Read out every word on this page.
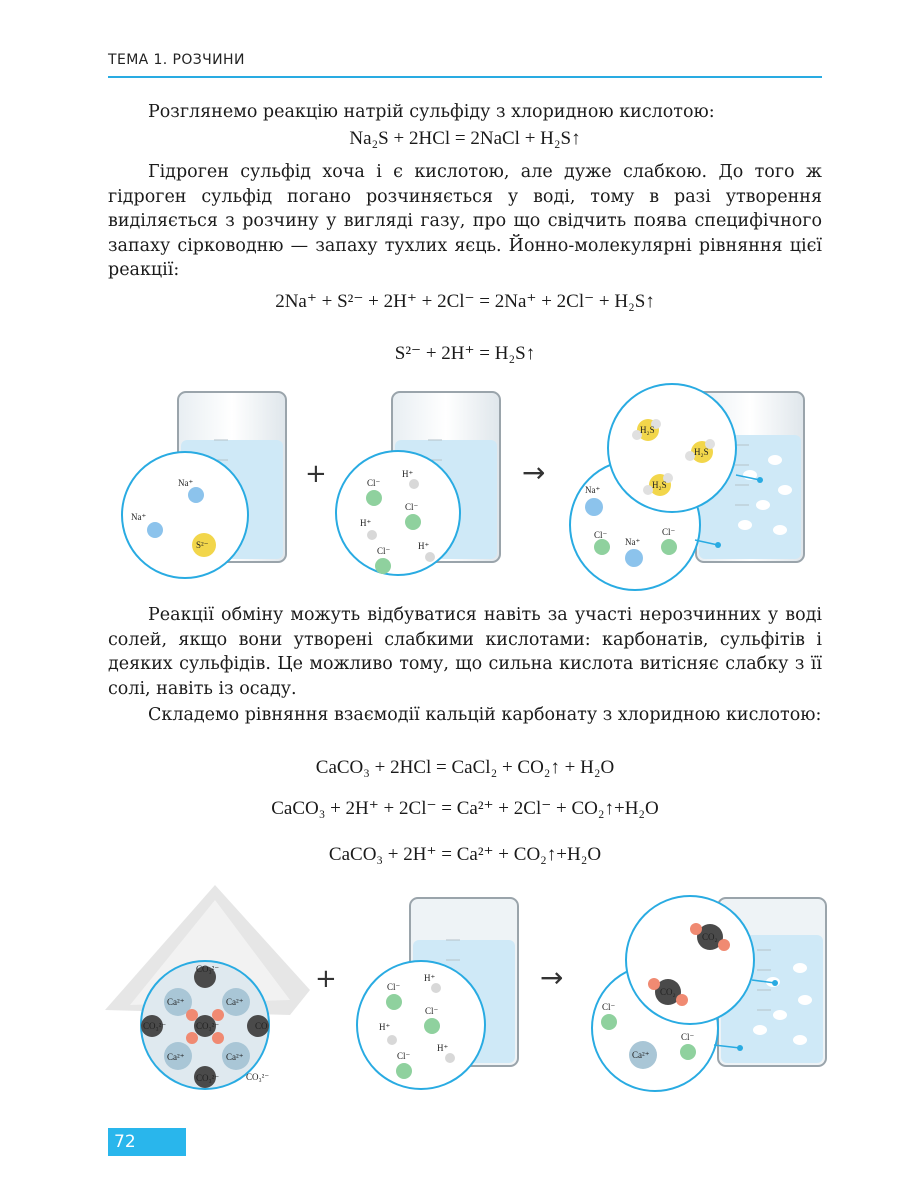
ТЕМА 1. РОЗЧИНИ

Розглянемо реакцію натрій сульфіду з хлоридною кислотою:

Na₂S + 2HCl = 2NaCl + H₂S↑

Гідроген сульфід хоча і є кислотою, але дуже слабкою. До того ж гідроген сульфід погано розчиняється у воді, тому в разі утворення виділяється з розчину у вигляді газу, про що свідчить поява специфічного запаху сірководню — запаху тухлих яєць. Йонно-молекулярні рівняння цієї реакції:

2Na⁺ + S²⁻ + 2H⁺ + 2Cl⁻ = 2Na⁺ + 2Cl⁻ + H₂S↑
S²⁻ + 2H⁺ = H₂S↑
Na⁺
Na⁺
S²⁻
+	Cl⁻
H⁺
Cl⁻
H⁺
Cl⁻	H⁺
→
Na⁺
Cl⁻
Na⁺
Cl⁻
H₂S
H₂S
H₂S

Реакції обміну можуть відбуватися навіть за участі нерозчинних у воді солей, якщо вони утворені слабкими кислотами: карбонатів, сульфітів і деяких сульфідів. Це можливо тому, що сильна кислота витісняє слабку з її солі, навіть із осаду.

Складемо рівняння взаємодії кальцій карбонату з хлоридною кислотою:

CaCO₃ + 2HCl = CaCl₂ + CO₂↑ + H₂O
CaCO₃ + 2H⁺ + 2Cl⁻ = Ca²⁺ + 2Cl⁻ + CO₂↑+H₂O
CaCO₃ + 2H⁺ = Ca²⁺ + CO₂↑+H₂O
CO₃²⁻
Ca²⁺	Ca²⁺
CO₃²⁻	CO₃²⁻
Ca²⁺	Ca²⁺
CO₃²⁻
CO
CO₃²⁻
+	Cl⁻
H⁺
Cl⁻
H⁺
Cl⁻
H⁺
→
Cl⁻
Cl⁻
Ca²⁺
CO₂
CO₂
72
